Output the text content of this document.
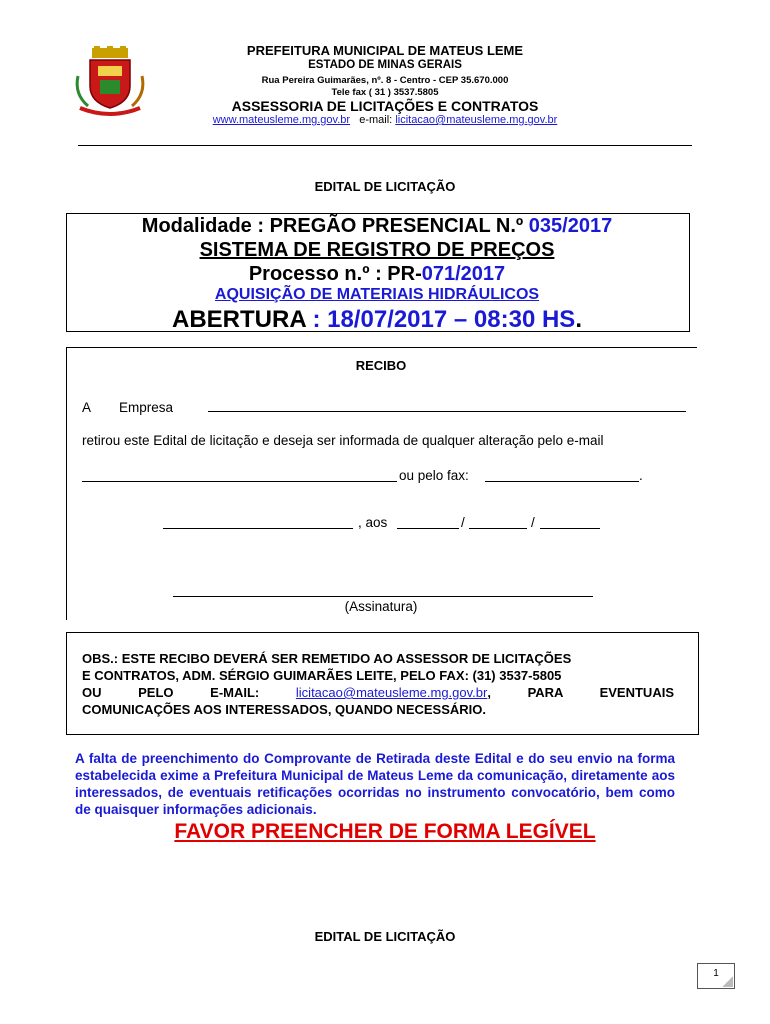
PREFEITURA MUNICIPAL DE MATEUS LEME
ESTADO DE MINAS GERAIS
Rua Pereira Guimarães, nº. 8 - Centro - CEP 35.670.000
Tele fax ( 31 ) 3537.5805
ASSESSORIA DE LICITAÇÕES E CONTRATOS
www.mateusleme.mg.gov.br e-mail: licitacao@mateusleme.mg.gov.br
EDITAL DE LICITAÇÃO
Modalidade : PREGÃO PRESENCIAL N.º 035/2017
SISTEMA DE REGISTRO DE PREÇOS
Processo n.º : PR-071/2017
AQUISIÇÃO DE MATERIAIS HIDRÁULICOS
ABERTURA : 18/07/2017 – 08:30 HS.
RECIBO
A Empresa
retirou este Edital de licitação e deseja ser informada de qualquer alteração pelo e-mail
ou pelo fax:	.
, aos	/	/
(Assinatura)

OBS.: ESTE RECIBO DEVERÁ SER REMETIDO AO ASSESSOR DE LICITAÇÕES

E CONTRATOS, ADM. SÉRGIO GUIMARÃES LEITE, PELO FAX: (31) 3537-5805

OU PELO E-MAIL: licitacao@mateusleme.mg.gov.br, PARA EVENTUAIS

COMUNICAÇÕES AOS INTERESSADOS, QUANDO NECESSÁRIO.

A falta de preenchimento do Comprovante de Retirada deste Edital e do seu envio na forma estabelecida exime a Prefeitura Municipal de Mateus Leme da comunicação, diretamente aos interessados, de eventuais retificações ocorridas no instrumento convocatório, bem como de quaisquer informações adicionais.
FAVOR PREENCHER DE FORMA LEGÍVEL
EDITAL DE LICITAÇÃO
1
